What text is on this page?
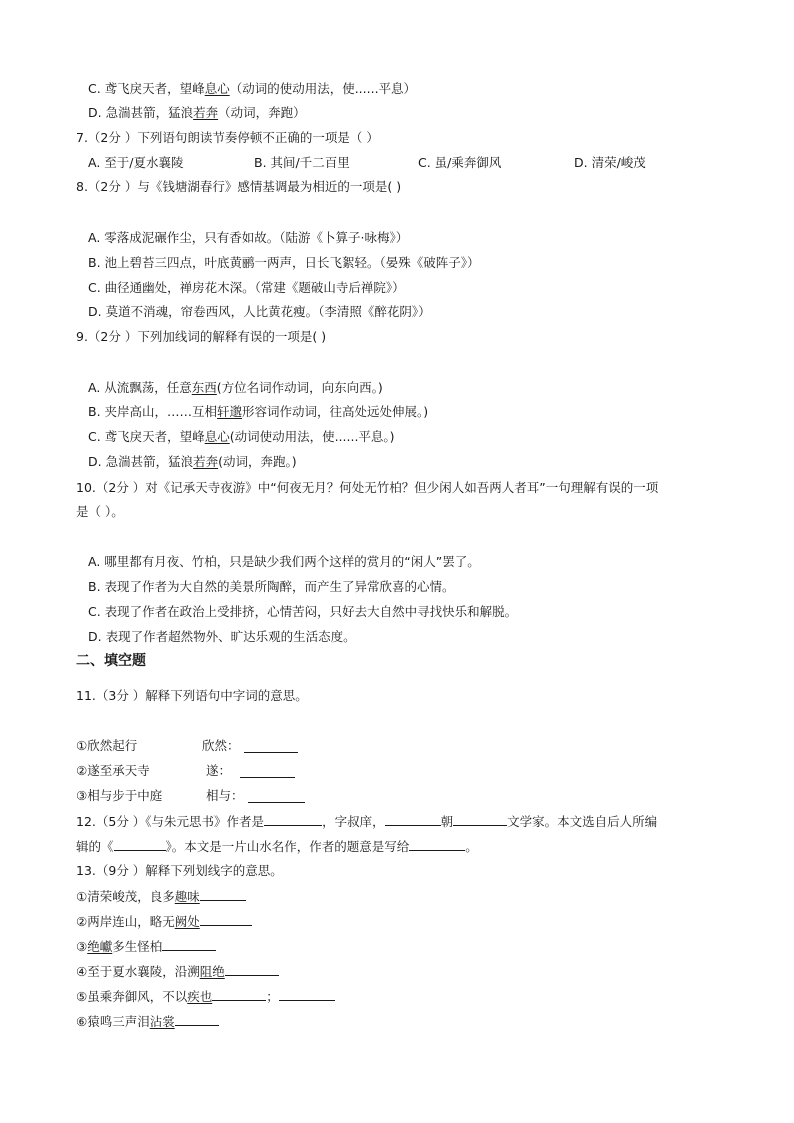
C. 鸢飞戾天者，望峰息心（动词的使动用法，使......平息）
D. 急湍甚箭，猛浪若奔（动词，奔跑）
7.（2分 ）下列语句朗读节奏停顿不正确的一项是（ ）
A. 至于/夏水襄陵	B. 其间/千二百里	C. 虽/乘奔御风	D. 清荣/峻茂
8.（2分 ）与《钱塘湖春行》感情基调最为相近的一项是( )
A. 零落成泥碾作尘，只有香如故。（陆游《卜算子·咏梅》）
B. 池上碧苔三四点，叶底黄鹂一两声，日长飞絮轻。（晏殊《破阵子》）
C. 曲径通幽处，禅房花木深。（常建《题破山寺后禅院》）
D. 莫道不消魂，帘卷西风，人比黄花瘦。（李清照《醉花阴》）
9.（2分 ）下列加线词的解释有误的一项是( )
A. 从流飘荡，任意东西(方位名词作动词，向东向西。)
B. 夹岸高山，……互相轩邈形容词作动词，往高处远处伸展。)
C. 鸢飞戾天者，望峰息心(动词使动用法，使......平息。)
D. 急湍甚箭，猛浪若奔(动词，奔跑。)
10.（2分 ）对《记承天寺夜游》中“何夜无月？何处无竹柏？但少闲人如吾两人者耳”一句理解有误的一项
是（ ）。
A. 哪里都有月夜、竹柏，只是缺少我们两个这样的赏月的“闲人”罢了。
B. 表现了作者为大自然的美景所陶醉，而产生了异常欣喜的心情。
C. 表现了作者在政治上受排挤，心情苦闷，只好去大自然中寻找快乐和解脱。
D. 表现了作者超然物外、旷达乐观的生活态度。
二、填空题
11.（3分 ）解释下列语句中字词的意思。
①欣然起行	欣然：
②遂至承天寺	遂：
③相与步于中庭	相与：
12.（5分 ）《与朱元思书》作者是	，字叔庠，	朝	文学家。本文选自后人所编
辑的《	》。本文是一片山水名作，作者的题意是写给	。
13.（9分 ）解释下列划线字的意思。
①清荣峻茂，良多趣味
②两岸连山，略无阙处
③绝巘多生怪柏
④至于夏水襄陵，沿溯阻绝
⑤虽乘奔御风，不以疾也	；
⑥猿鸣三声泪沾裳
